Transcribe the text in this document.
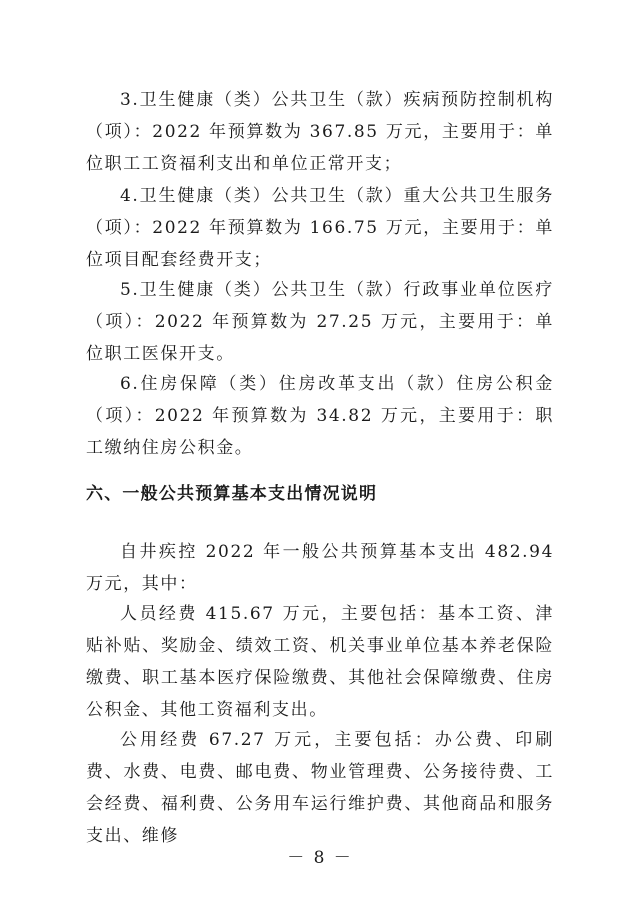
3.卫生健康（类）公共卫生（款）疾病预防控制机构（项）：2022 年预算数为 367.85 万元，主要用于：单位职工工资福利支出和单位正常开支；

4.卫生健康（类）公共卫生（款）重大公共卫生服务（项）：2022 年预算数为 166.75 万元，主要用于：单位项目配套经费开支；

5.卫生健康（类）公共卫生（款）行政事业单位医疗（项）：2022 年预算数为 27.25 万元，主要用于：单位职工医保开支。

6.住房保障（类）住房改革支出（款）住房公积金（项）：2022 年预算数为 34.82 万元，主要用于：职工缴纳住房公积金。

六、一般公共预算基本支出情况说明

自井疾控 2022 年一般公共预算基本支出 482.94 万元，其中：

人员经费 415.67 万元，主要包括：基本工资、津贴补贴、奖励金、绩效工资、机关事业单位基本养老保险缴费、职工基本医疗保险缴费、其他社会保障缴费、住房公积金、其他工资福利支出。

公用经费 67.27 万元，主要包括：办公费、印刷费、水费、电费、邮电费、物业管理费、公务接待费、工会经费、福利费、公务用车运行维护费、其他商品和服务支出、维修

－ 8 －
